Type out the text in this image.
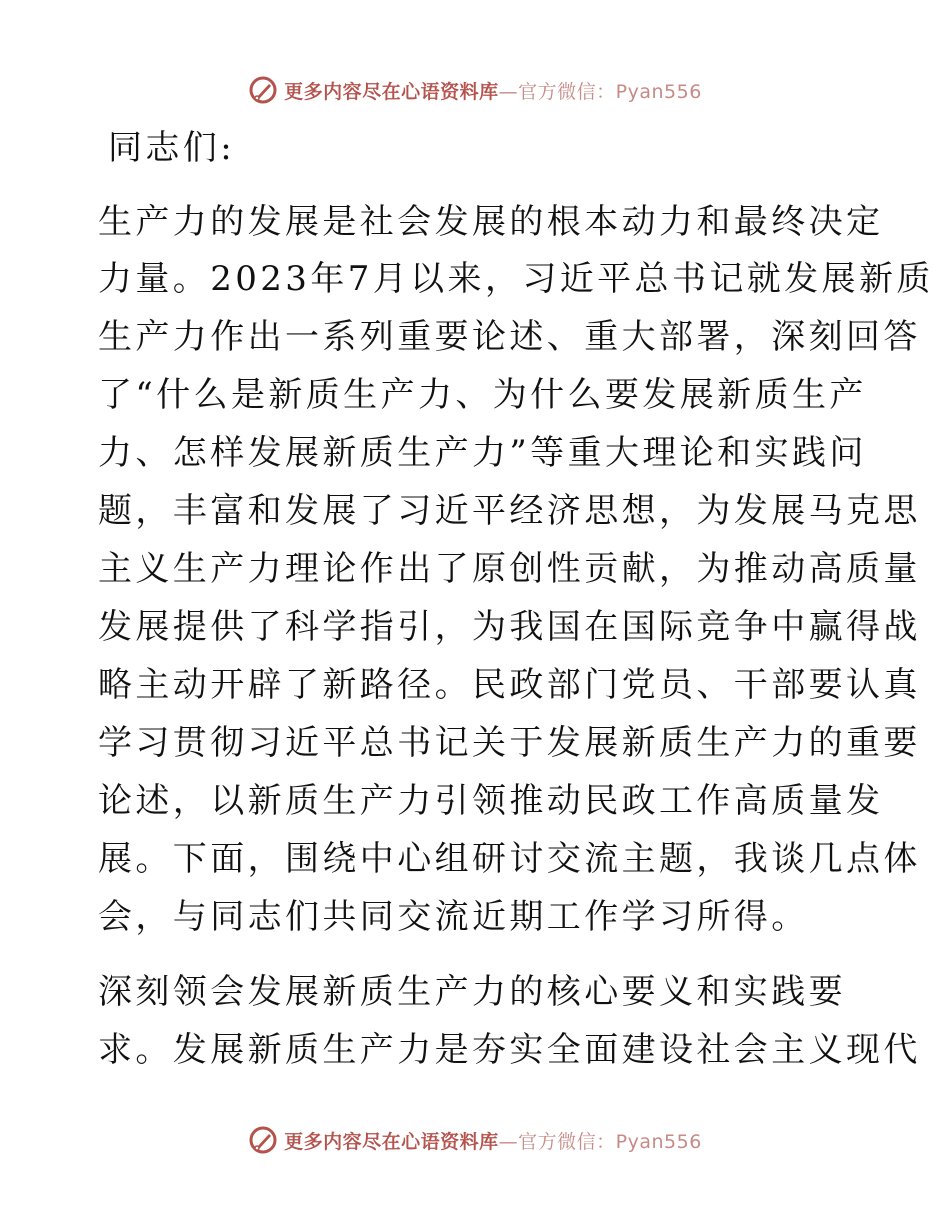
更多内容尽在心语资料库—官方微信：Pyan556
同志们:
生产力的发展是社会发展的根本动力和最终决定
力量。2023年7月以来，习近平总书记就发展新质
生产力作出一系列重要论述、重大部署，深刻回答
了“什么是新质生产力、为什么要发展新质生产
力、怎样发展新质生产力”等重大理论和实践问
题，丰富和发展了习近平经济思想，为发展马克思
主义生产力理论作出了原创性贡献，为推动高质量
发展提供了科学指引，为我国在国际竞争中赢得战
略主动开辟了新路径。民政部门党员、干部要认真
学习贯彻习近平总书记关于发展新质生产力的重要
论述，以新质生产力引领推动民政工作高质量发
展。下面，围绕中心组研讨交流主题，我谈几点体
会，与同志们共同交流近期工作学习所得。
深刻领会发展新质生产力的核心要义和实践要
求。发展新质生产力是夯实全面建设社会主义现代
更多内容尽在心语资料库—官方微信：Pyan556
